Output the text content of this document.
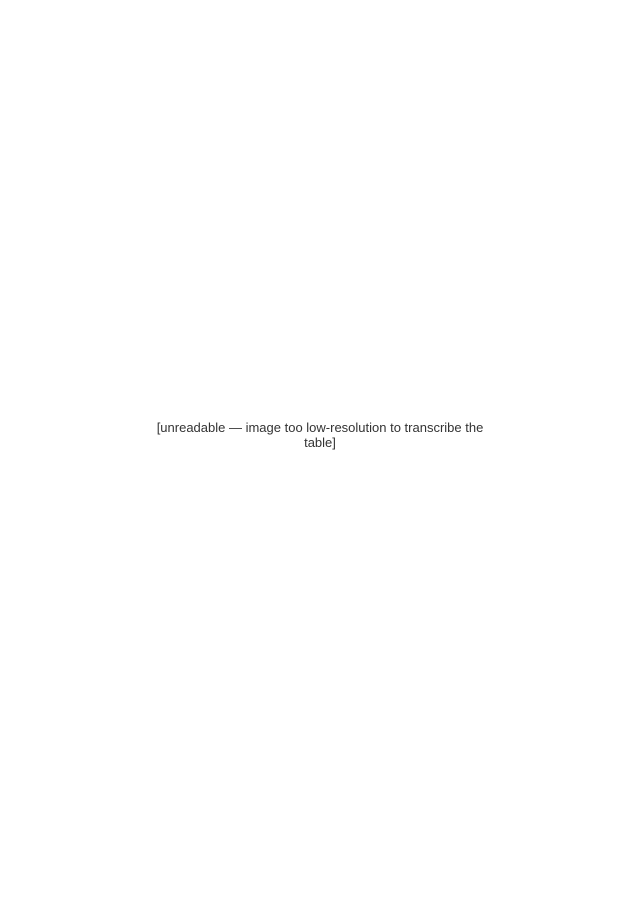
[unreadable — image too low-resolution to transcribe the table]
